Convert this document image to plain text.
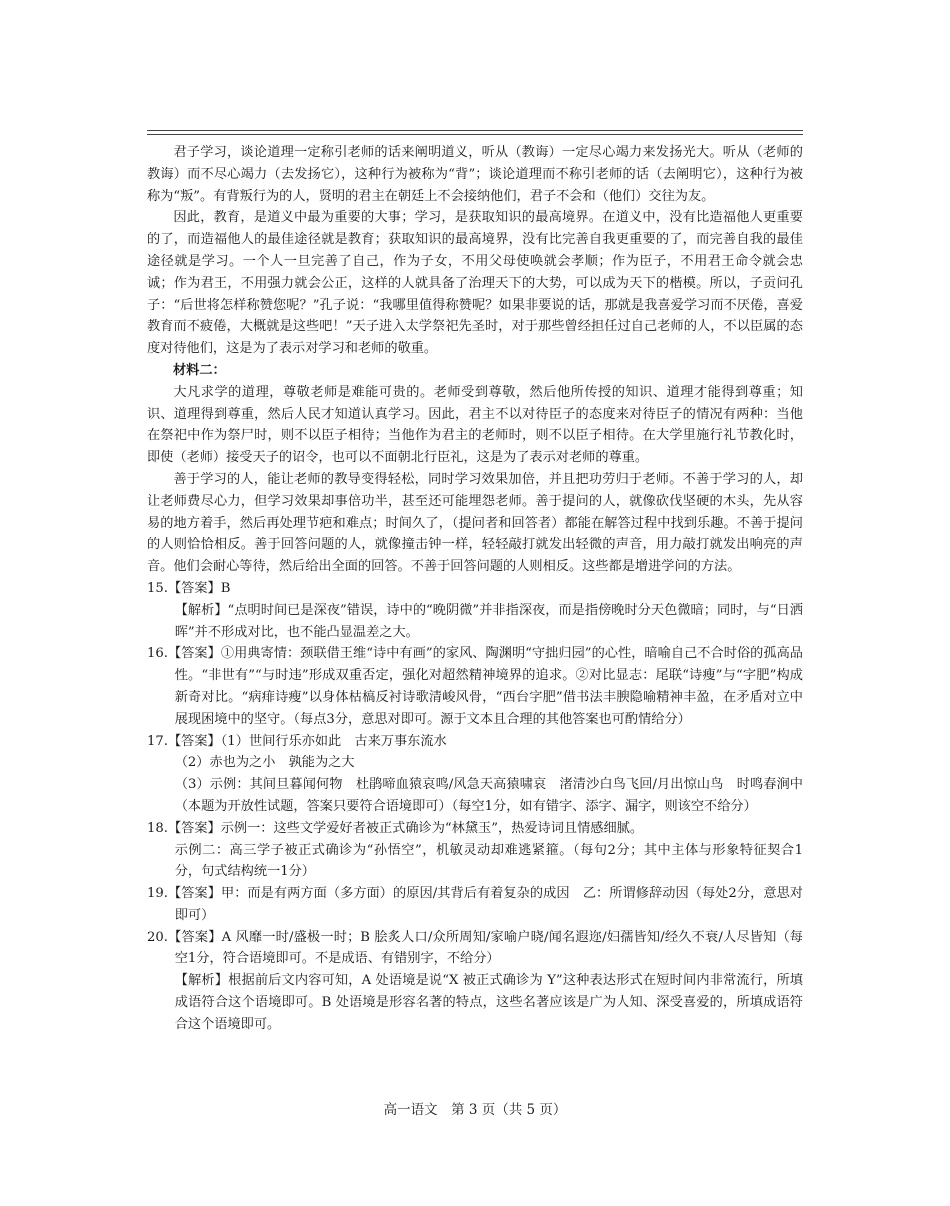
君子学习，谈论道理一定称引老师的话来阐明道义，听从（教诲）一定尽心竭力来发扬光大。听从（老师的教诲）而不尽心竭力（去发扬它），这种行为被称为“背”；谈论道理而不称引老师的话（去阐明它），这种行为被称为“叛”。有背叛行为的人，贤明的君主在朝廷上不会接纳他们，君子不会和（他们）交往为友。

因此，教育，是道义中最为重要的大事；学习，是获取知识的最高境界。在道义中，没有比造福他人更重要的了，而造福他人的最佳途径就是教育；获取知识的最高境界，没有比完善自我更重要的了，而完善自我的最佳途径就是学习。一个人一旦完善了自己，作为子女，不用父母使唤就会孝顺；作为臣子，不用君王命令就会忠诚；作为君王，不用强力就会公正，这样的人就具备了治理天下的大势，可以成为天下的楷模。所以，子贡问孔子：“后世将怎样称赞您呢？”孔子说：“我哪里值得称赞呢？如果非要说的话，那就是我喜爱学习而不厌倦，喜爱教育而不疲倦，大概就是这些吧！”天子进入太学祭祀先圣时，对于那些曾经担任过自己老师的人，不以臣属的态度对待他们，这是为了表示对学习和老师的敬重。

材料二：

大凡求学的道理，尊敬老师是难能可贵的。老师受到尊敬，然后他所传授的知识、道理才能得到尊重；知识、道理得到尊重，然后人民才知道认真学习。因此，君主不以对待臣子的态度来对待臣子的情况有两种：当他在祭祀中作为祭尸时，则不以臣子相待；当他作为君主的老师时，则不以臣子相待。在大学里施行礼节教化时，即使（老师）接受天子的诏令，也可以不面朝北行臣礼，这是为了表示对老师的尊重。

善于学习的人，能让老师的教导变得轻松，同时学习效果加倍，并且把功劳归于老师。不善于学习的人，却让老师费尽心力，但学习效果却事倍功半，甚至还可能埋怨老师。善于提问的人，就像砍伐坚硬的木头，先从容易的地方着手，然后再处理节疤和难点；时间久了，（提问者和回答者）都能在解答过程中找到乐趣。不善于提问的人则恰恰相反。善于回答问题的人，就像撞击钟一样，轻轻敲打就发出轻微的声音，用力敲打就发出响亮的声音。他们会耐心等待，然后给出全面的回答。不善于回答问题的人则相反。这些都是增进学问的方法。

15.【答案】B

【解析】“点明时间已是深夜”错误，诗中的“晚阴微”并非指深夜，而是指傍晚时分天色微暗；同时，与“日洒晖”并不形成对比，也不能凸显温差之大。

16.【答案】①用典寄情：颈联借王维“诗中有画”的家风、陶渊明“守拙归园”的心性，暗喻自己不合时俗的孤高品性。“非世有”“与时违”形成双重否定，强化对超然精神境界的追求。②对比显志：尾联“诗瘦”与“字肥”构成新奇对比。“病痱诗瘦”以身体枯槁反衬诗歌清峻风骨，“西台字肥”借书法丰腴隐喻精神丰盈，在矛盾对立中展现困境中的坚守。（每点3分，意思对即可。源于文本且合理的其他答案也可酌情给分）

17.【答案】（1）世间行乐亦如此　古来万事东流水

（2）赤也为之小　孰能为之大

（3）示例：其间旦暮闻何物　杜鹃啼血猿哀鸣/风急天高猿啸哀　渚清沙白鸟飞回/月出惊山鸟　时鸣春涧中（本题为开放性试题，答案只要符合语境即可）（每空1分，如有错字、添字、漏字，则该空不给分）

18.【答案】示例一：这些文学爱好者被正式确诊为“林黛玉”，热爱诗词且情感细腻。

示例二：高三学子被正式确诊为“孙悟空”，机敏灵动却难逃紧箍。（每句2分；其中主体与形象特征契合1分，句式结构统一1分）

19.【答案】甲：而是有两方面（多方面）的原因/其背后有着复杂的成因　乙：所谓修辞动因（每处2分，意思对即可）

20.【答案】A 风靡一时/盛极一时；B 脍炙人口/众所周知/家喻户晓/闻名遐迩/妇孺皆知/经久不衰/人尽皆知（每空1分，符合语境即可。不是成语、有错别字，不给分）

【解析】根据前后文内容可知，A 处语境是说“X 被正式确诊为 Y”这种表达形式在短时间内非常流行，所填成语符合这个语境即可。B 处语境是形容名著的特点，这些名著应该是广为人知、深受喜爱的，所填成语符合这个语境即可。

高一语文　第 3 页（共 5 页）
